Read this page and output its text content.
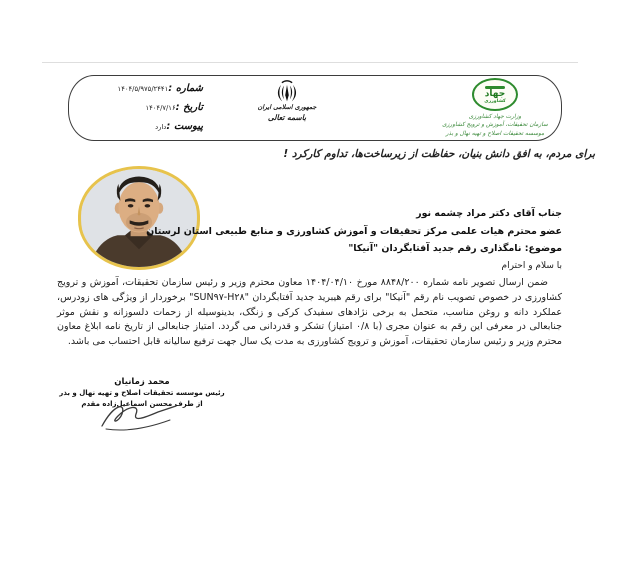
شماره :
۱۴۰۴/۵/۹۷۵/۲۴۴۱
تاریخ :
۱۴۰۴/۷/۱۶
پیوست :
دارد
جمهوری اسلامی ایران
باسمه تعالی
جهاد
کشاورزی
وزارت جهاد کشاورزی
سازمان تحقیقات، آموزش و ترویج کشاورزی
موسسه تحقیقات اصلاح و تهیه نهال و بذر
برای مردم، به افق دانش بنیان، حفاظت از زیرساخت‌ها، تداوم کارکرد !
جناب آقای دکتر مراد چشمه نور
عضو محترم هیات علمی مرکز تحقیقات و آموزش کشاورزی و منابع طبیعی استان لرستان
موضوع: نامگذاری رقم جدید آفتابگردان "آنیکا"
با سلام و احترام
ضمن ارسال تصویر نامه شماره ۸۸۴۸/۲۰۰ مورخ ۱۴۰۴/۰۴/۱۰ معاون محترم وزیر و رئیس سازمان تحقیقات، آموزش و ترویج کشاورزی در خصوص تصویب نام رقم "آنیکا" برای رقم هیبرید جدید آفتابگردان "⁦SUN۹۷-H۲۸⁩" برخوردار از ویژگی های زودرس، عملکرد دانه و روغن مناسب، متحمل به برخی نژادهای سفیدک کرکی و زنگک، بدینوسیله از زحمات دلسوزانه و نقش موثر جنابعالی در معرفی این رقم به عنوان مجری (با ۰/۸ امتیاز) تشکر و قدردانی می گردد. امتیاز جنابعالی از تاریخ نامه ابلاغ معاون محترم وزیر و رئیس سازمان تحقیقات، آموزش و ترویج کشاورزی به مدت یک سال جهت ترفیع سالیانه قابل احتساب می باشد.
محمد زمانیان
رئیس موسسه تحقیقات اصلاح و تهیه نهال و بذر
از طرف محسن اسماعیل‌زاده مقدم
